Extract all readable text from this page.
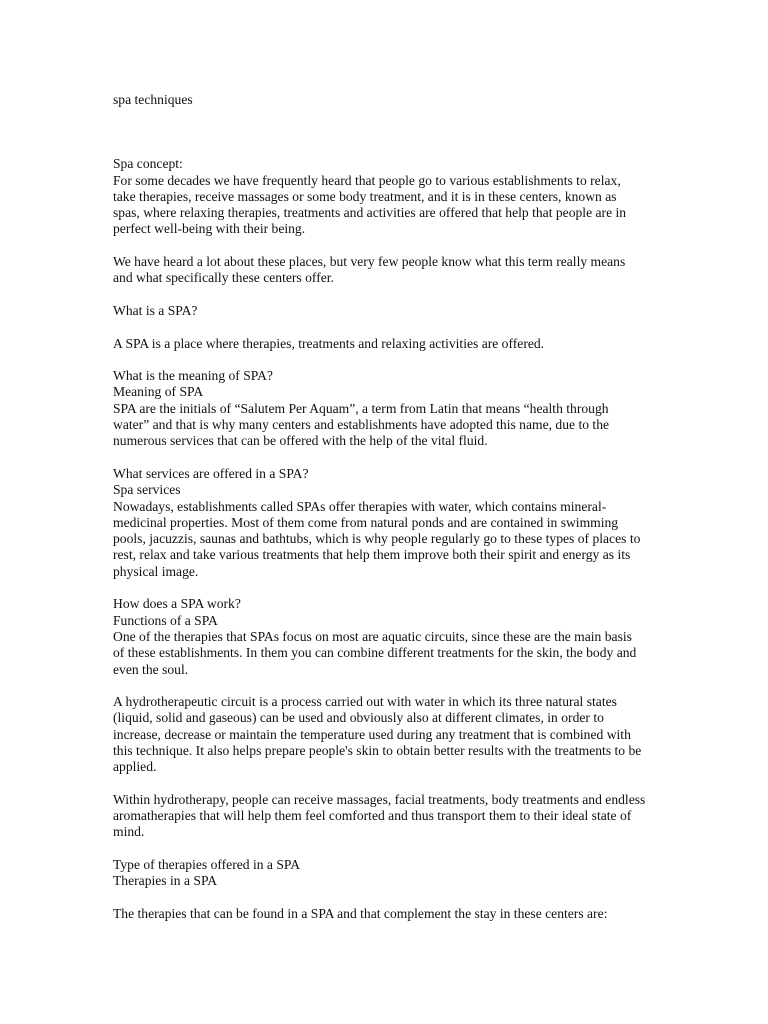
spa techniques
Spa concept:
For some decades we have frequently heard that people go to various establishments to relax,
take therapies, receive massages or some body treatment, and it is in these centers, known as
spas, where relaxing therapies, treatments and activities are offered that help that people are in
perfect well-being with their being.
We have heard a lot about these places, but very few people know what this term really means
and what specifically these centers offer.
What is a SPA?
A SPA is a place where therapies, treatments and relaxing activities are offered.
What is the meaning of SPA?
Meaning of SPA
SPA are the initials of “Salutem Per Aquam”, a term from Latin that means “health through
water” and that is why many centers and establishments have adopted this name, due to the
numerous services that can be offered with the help of the vital fluid.
What services are offered in a SPA?
Spa services
Nowadays, establishments called SPAs offer therapies with water, which contains mineral-
medicinal properties. Most of them come from natural ponds and are contained in swimming
pools, jacuzzis, saunas and bathtubs, which is why people regularly go to these types of places to
rest, relax and take various treatments that help them improve both their spirit and energy as its
physical image.
How does a SPA work?
Functions of a SPA
One of the therapies that SPAs focus on most are aquatic circuits, since these are the main basis
of these establishments. In them you can combine different treatments for the skin, the body and
even the soul.
A hydrotherapeutic circuit is a process carried out with water in which its three natural states
(liquid, solid and gaseous) can be used and obviously also at different climates, in order to
increase, decrease or maintain the temperature used during any treatment that is combined with
this technique. It also helps prepare people's skin to obtain better results with the treatments to be
applied.
Within hydrotherapy, people can receive massages, facial treatments, body treatments and endless
aromatherapies that will help them feel comforted and thus transport them to their ideal state of
mind.
Type of therapies offered in a SPA
Therapies in a SPA
The therapies that can be found in a SPA and that complement the stay in these centers are:
